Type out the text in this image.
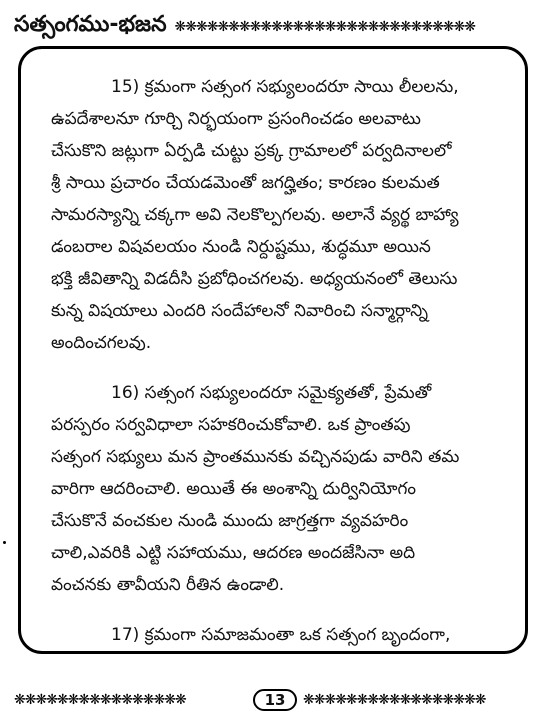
సత్సంగము-భజన ❋❋❋❋❋❋❋❋❋❋❋❋❋❋❋❋❋❋❋❋❋❋❋❋❋❋❋❋
15) క్రమంగా సత్సంగ సభ్యులందరూ సాయి లీలలను,
ఉపదేశాలనూ గూర్చి నిర్భయంగా ప్రసంగించడం అలవాటు
చేసుకొని జట్లుగా ఏర్పడి చుట్టు ప్రక్క గ్రామాలలో పర్వదినాలలో
శ్రీ సాయి ప్రచారం చేయడమెంతో జగద్హితం; కారణం కులమత
సామరస్యాన్ని చక్కగా అవి నెలకొల్పగలవు. అలానే వ్యర్థ బాహ్యా
డంబరాల విషవలయం నుండి నిర్దుష్టము, శుద్ధమూ అయిన
భక్తి జీవితాన్ని విడదీసి ప్రబోధించగలవు. అధ్యయనంలో తెలుసు
కున్న విషయాలు ఎందరి సందేహాలనో నివారించి సన్మార్గాన్ని
అందించగలవు.
16) సత్సంగ సభ్యులందరూ సమైక్యతతో, ప్రేమతో
పరస్పరం సర్వవిధాలా సహకరించుకోవాలి. ఒక ప్రాంతపు
సత్సంగ సభ్యులు మన ప్రాంతమునకు వచ్చినపుడు వారిని తమ
వారిగా ఆదరించాలి. అయితే ఈ అంశాన్ని దుర్వినియోగం
చేసుకొనే వంచకుల నుండి ముందు జాగ్రత్తగా వ్యవహరిం
చాలి,ఎవరికి ఎట్టి సహాయము, ఆదరణ అందజేసినా అది
వంచనకు తావీయని రీతిన ఉండాలి.
17) క్రమంగా సమాజమంతా ఒక సత్సంగ బృందంగా,
❋❋❋❋❋❋❋❋❋❋❋❋❋❋❋❋	13	❋❋❋❋❋❋❋❋❋❋❋❋❋❋❋❋❋
